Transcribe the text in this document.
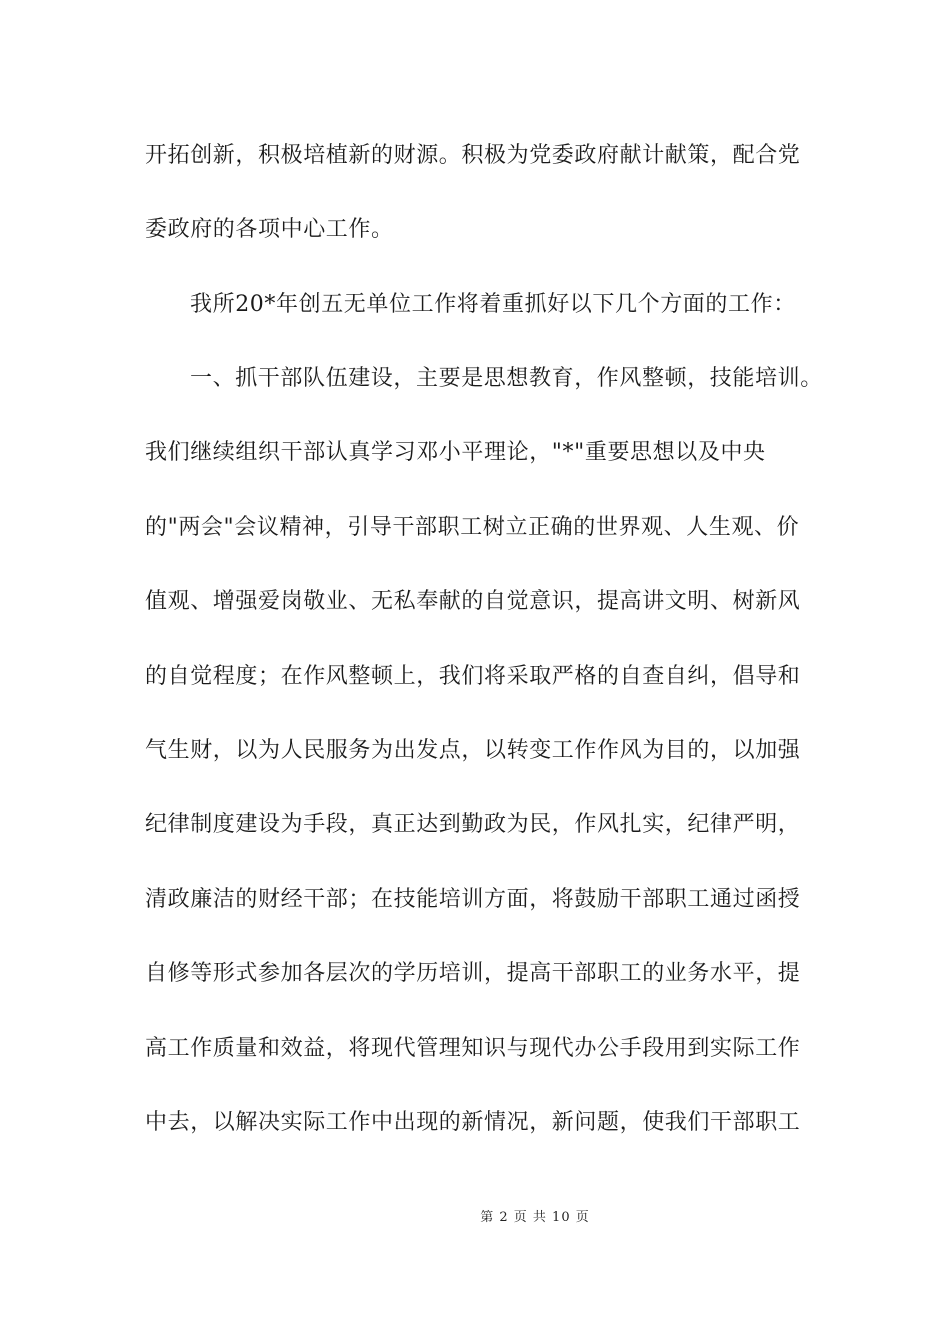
开拓创新，积极培植新的财源。积极为党委政府献计献策，配合党
委政府的各项中心工作。
我所20*年创五无单位工作将着重抓好以下几个方面的工作：
一、抓干部队伍建设，主要是思想教育，作风整顿，技能培训。
我们继续组织干部认真学习邓小平理论，"*"重要思想以及中央
的"两会"会议精神，引导干部职工树立正确的世界观、人生观、价
值观、增强爱岗敬业、无私奉献的自觉意识，提高讲文明、树新风
的自觉程度；在作风整顿上，我们将采取严格的自查自纠，倡导和
气生财，以为人民服务为出发点，以转变工作作风为目的，以加强
纪律制度建设为手段，真正达到勤政为民，作风扎实，纪律严明，
清政廉洁的财经干部；在技能培训方面，将鼓励干部职工通过函授
自修等形式参加各层次的学历培训，提高干部职工的业务水平，提
高工作质量和效益，将现代管理知识与现代办公手段用到实际工作
中去，以解决实际工作中出现的新情况，新问题，使我们干部职工
第 2 页 共 10 页
